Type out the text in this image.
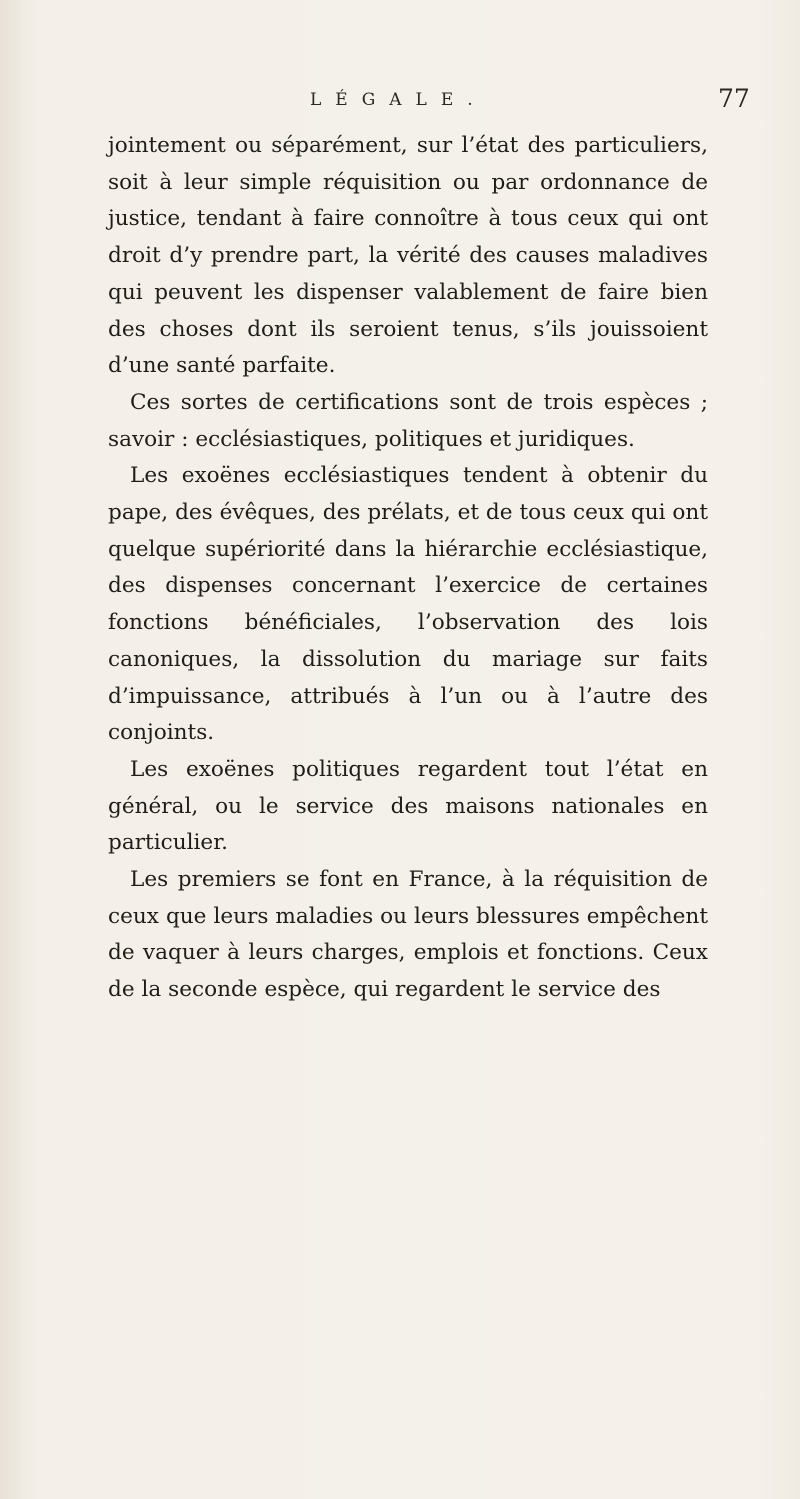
LÉGALE.	77

jointement ou séparément, sur l’état des particuliers, soit à leur simple réquisition ou par ordonnance de justice, tendant à faire connoître à tous ceux qui ont droit d’y prendre part, la vérité des causes maladives qui peuvent les dispenser valablement de faire bien des choses dont ils seroient tenus, s’ils jouissoient d’une santé parfaite.

Ces sortes de certifications sont de trois espèces ; savoir : ecclésiastiques, politiques et juridiques.

Les exoënes ecclésiastiques tendent à obtenir du pape, des évêques, des prélats, et de tous ceux qui ont quelque supériorité dans la hiérarchie ecclésiastique, des dispenses concernant l’exercice de certaines fonctions bénéficiales, l’observation des lois canoniques, la dissolution du mariage sur faits d’impuissance, attribués à l’un ou à l’autre des conjoints.

Les exoënes politiques regardent tout l’état en général, ou le service des maisons nationales en particulier.

Les premiers se font en France, à la réquisition de ceux que leurs maladies ou leurs blessures empêchent de vaquer à leurs charges, emplois et fonctions. Ceux de la seconde espèce, qui regardent le service des
